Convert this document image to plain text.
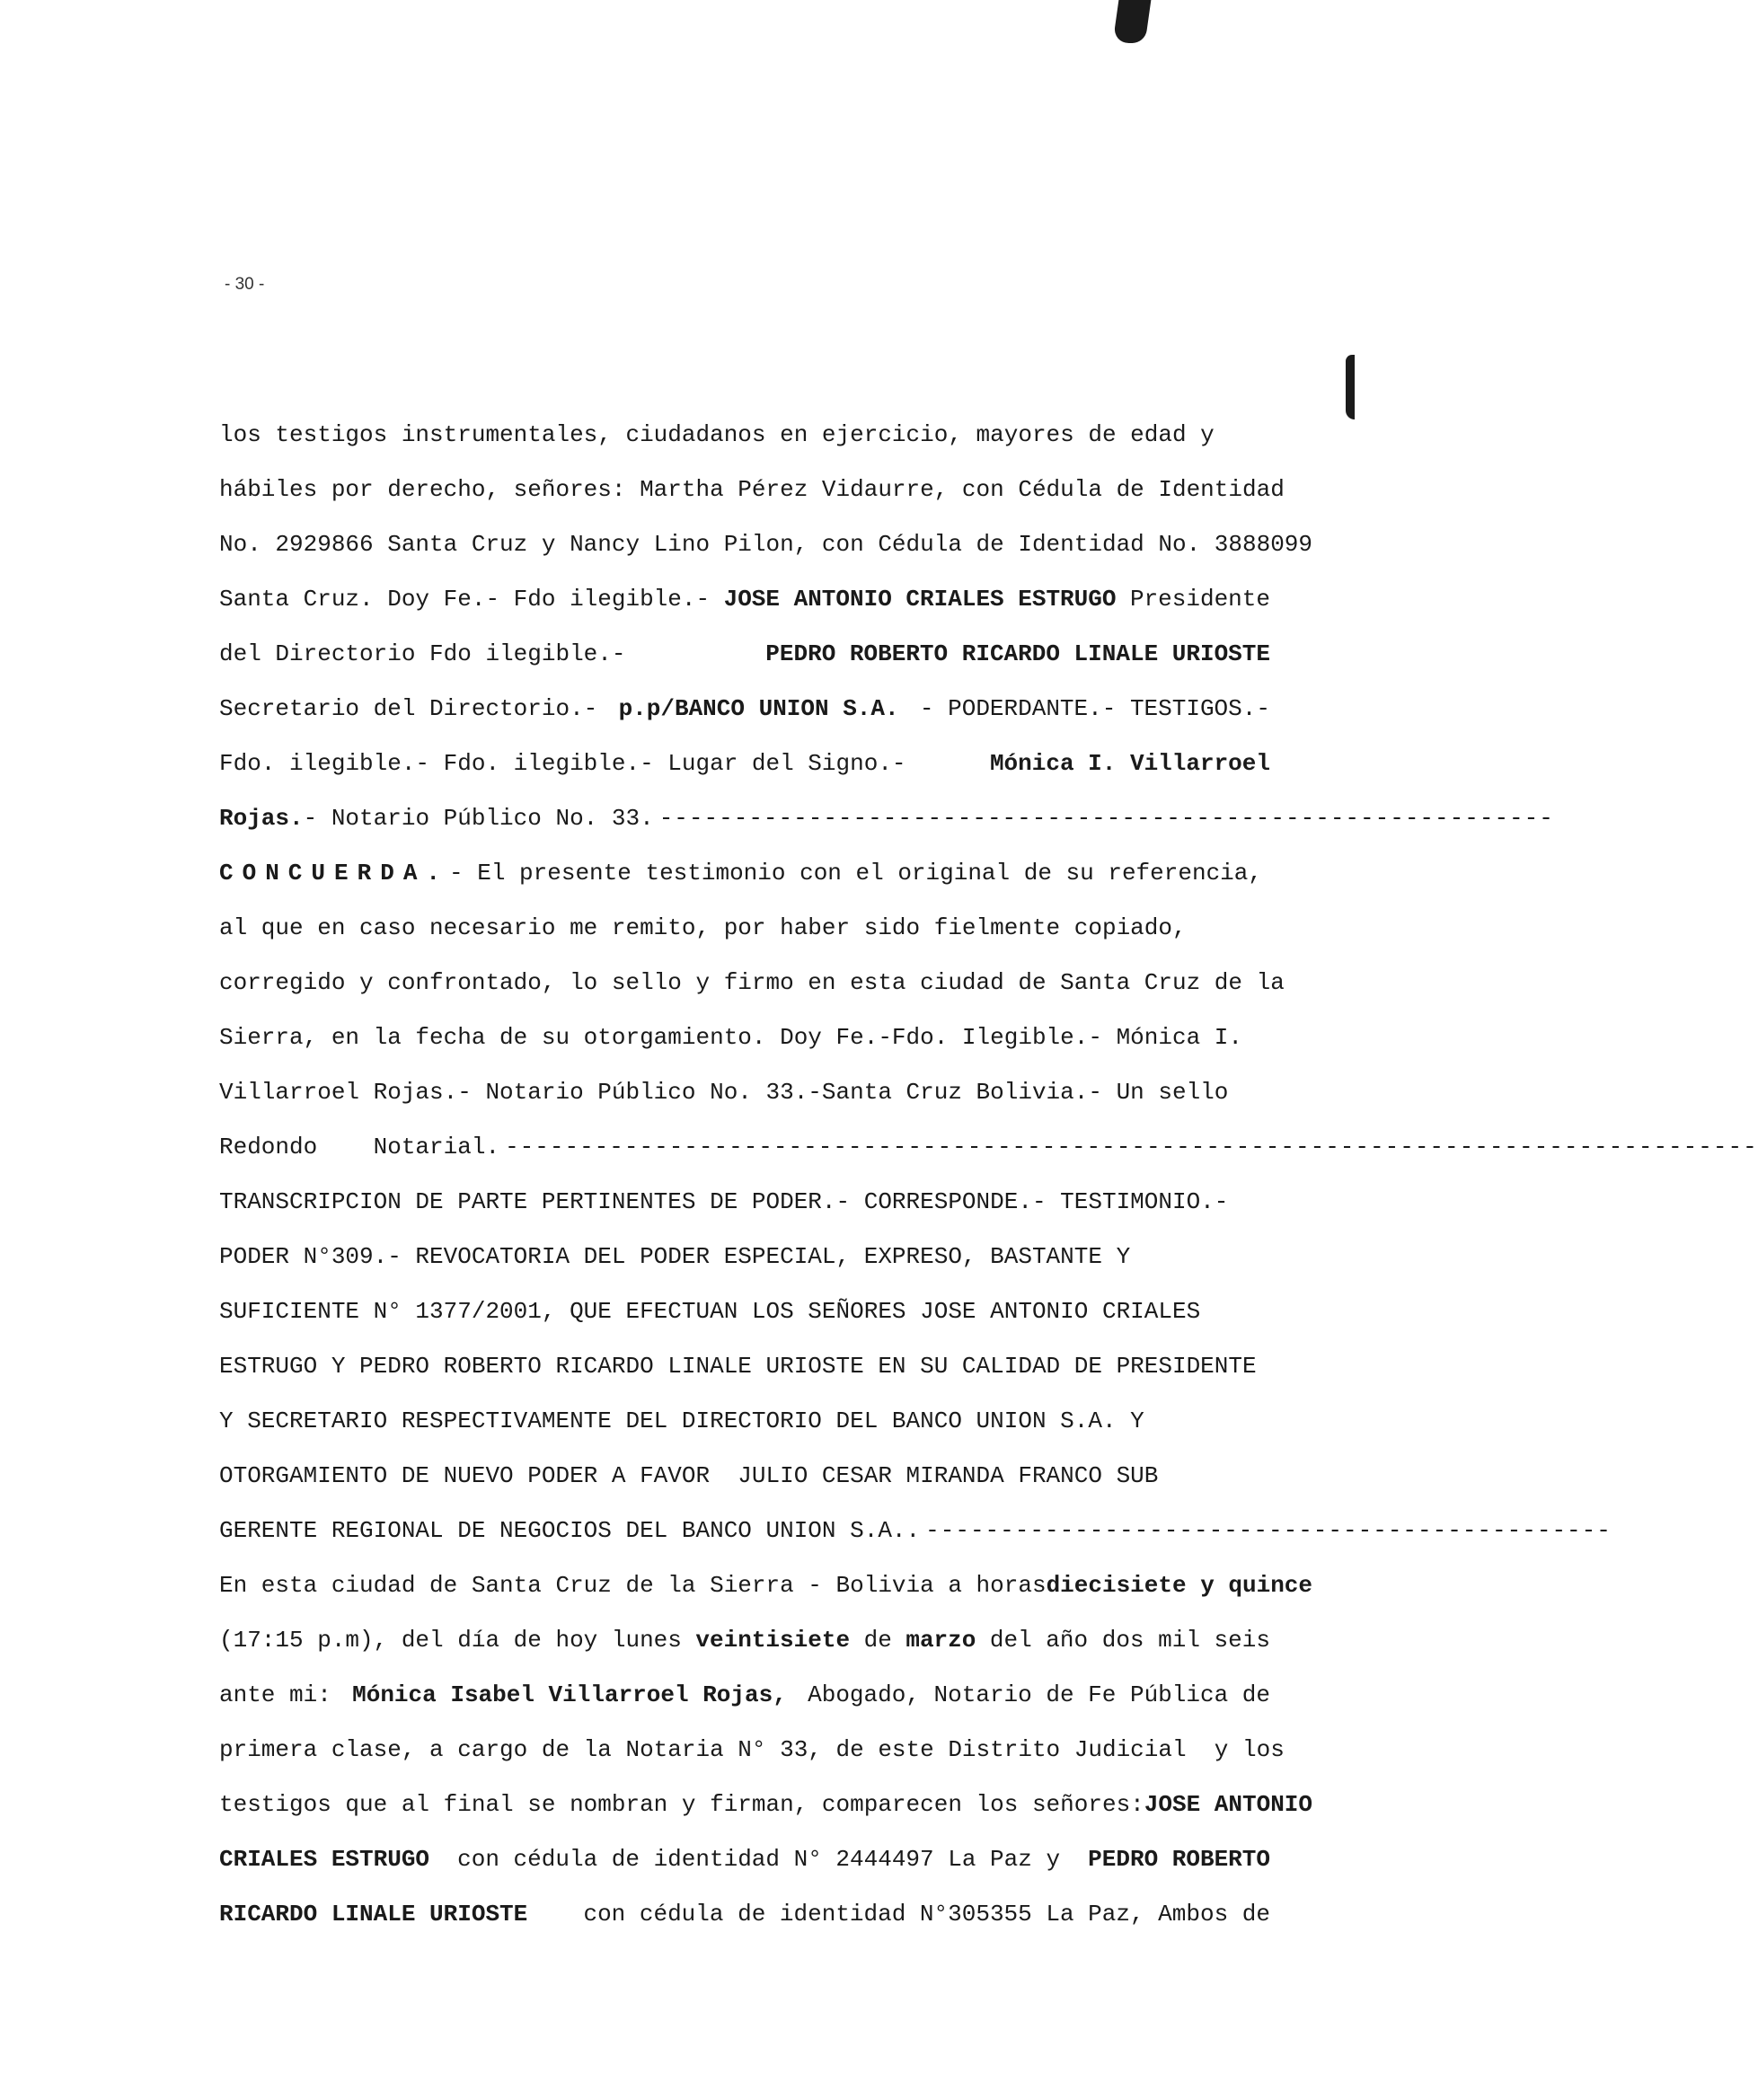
- 30 -
los testigos instrumentales, ciudadanos en ejercicio, mayores de edad y
hábiles por derecho, señores: Martha Pérez Vidaurre, con Cédula de Identidad
No. 2929866 Santa Cruz y Nancy Lino Pilon, con Cédula de Identidad No. 3888099
Santa Cruz. Doy Fe.- Fdo ilegible.- JOSE ANTONIO CRIALES ESTRUGO Presidente
del Directorio Fdo ilegible.-	PEDRO ROBERTO RICARDO LINALE URIOSTE
Secretario del Directorio.- p.p/BANCO UNION S.A. - PODERDANTE.- TESTIGOS.-
Fdo. ilegible.- Fdo. ilegible.- Lugar del Signo.-	Mónica I. Villarroel
Rojas.- Notario Público No. 33. ------------------------------------------------------------
CONCUERDA.- El presente testimonio con el original de su referencia,
al que en caso necesario me remito, por haber sido fielmente copiado,
corregido y confrontado, lo sello y firmo en esta ciudad de Santa Cruz de la
Sierra, en la fecha de su otorgamiento. Doy Fe.-Fdo. Ilegible.- Mónica I.
Villarroel Rojas.- Notario Público No. 33.-Santa Cruz Bolivia.- Un sello
Redondo    Notarial. ------------------------------------------------------------------------------------
TRANSCRIPCION DE PARTE PERTINENTES DE PODER.- CORRESPONDE.- TESTIMONIO.-
PODER N°309.- REVOCATORIA DEL PODER ESPECIAL, EXPRESO, BASTANTE Y
SUFICIENTE N° 1377/2001, QUE EFECTUAN LOS SEÑORES JOSE ANTONIO CRIALES
ESTRUGO Y PEDRO ROBERTO RICARDO LINALE URIOSTE EN SU CALIDAD DE PRESIDENTE
Y SECRETARIO RESPECTIVAMENTE DEL DIRECTORIO DEL BANCO UNION S.A. Y
OTORGAMIENTO DE NUEVO PODER A FAVOR  JULIO CESAR MIRANDA FRANCO SUB
GERENTE REGIONAL DE NEGOCIOS DEL BANCO UNION S.A.. ----------------------------------------------
En esta ciudad de Santa Cruz de la Sierra - Bolivia a horas diecisiete y quince
(17:15 p.m), del día de hoy lunes veintisiete de marzo del año dos mil seis
ante mi: Mónica Isabel Villarroel Rojas, Abogado, Notario de Fe Pública de
primera clase, a cargo de la Notaria N° 33, de este Distrito Judicial  y los
testigos que al final se nombran y firman, comparecen los señores: JOSE ANTONIO
CRIALES ESTRUGO con cédula de identidad N° 2444497 La Paz y PEDRO ROBERTO
RICARDO LINALE URIOSTE con cédula de identidad N°305355 La Paz, Ambos de
